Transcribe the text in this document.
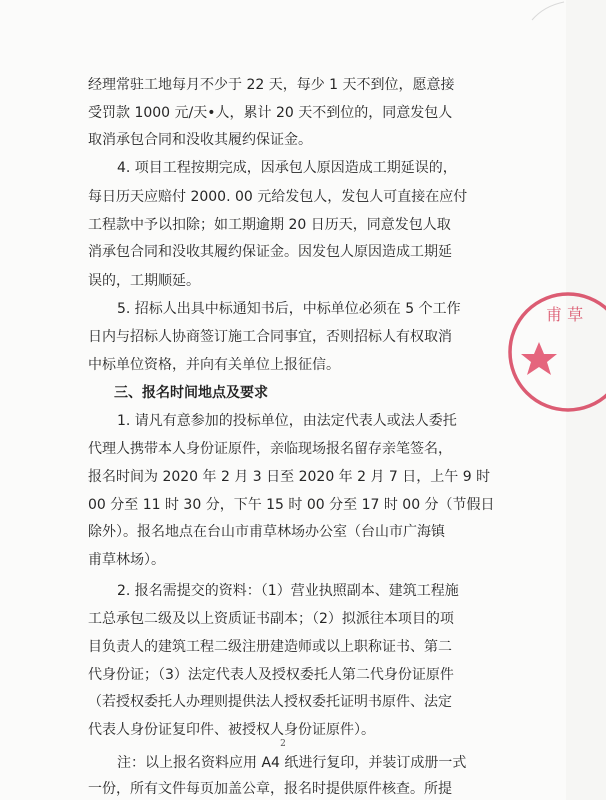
经理常驻工地每月不少于 22 天，每少 1 天不到位，愿意接
受罚款 1000 元/天•人，累计 20 天不到位的，同意发包人
取消承包合同和没收其履约保证金。
4. 项目工程按期完成，因承包人原因造成工期延误的，
每日历天应赔付 2000. 00 元给发包人，发包人可直接在应付
工程款中予以扣除；如工期逾期 20 日历天，同意发包人取
消承包合同和没收其履约保证金。因发包人原因造成工期延
误的，工期顺延。
5. 招标人出具中标通知书后，中标单位必须在 5 个工作
日内与招标人协商签订施工合同事宜，否则招标人有权取消
中标单位资格，并向有关单位上报征信。
三、报名时间地点及要求
1. 请凡有意参加的投标单位，由法定代表人或法人委托
代理人携带本人身份证原件，亲临现场报名留存亲笔签名，
报名时间为 2020 年 2 月 3 日至 2020 年 2 月 7 日，上午 9 时
00 分至 11 时 30 分，下午 15 时 00 分至 17 时 00 分（节假日
除外）。报名地点在台山市甫草林场办公室（台山市广海镇
甫草林场）。
2. 报名需提交的资料：（1）营业执照副本、建筑工程施
工总承包二级及以上资质证书副本；（2）拟派往本项目的项
目负责人的建筑工程二级注册建造师或以上职称证书、第二
代身份证；（3）法定代表人及授权委托人第二代身份证原件
（若授权委托人办理则提供法人授权委托证明书原件、法定
代表人身份证复印件、被授权人身份证原件）。
注：以上报名资料应用 A4 纸进行复印，并装订成册一式
一份，所有文件每页加盖公章，报名时提供原件核查。所提
2
甫 草
